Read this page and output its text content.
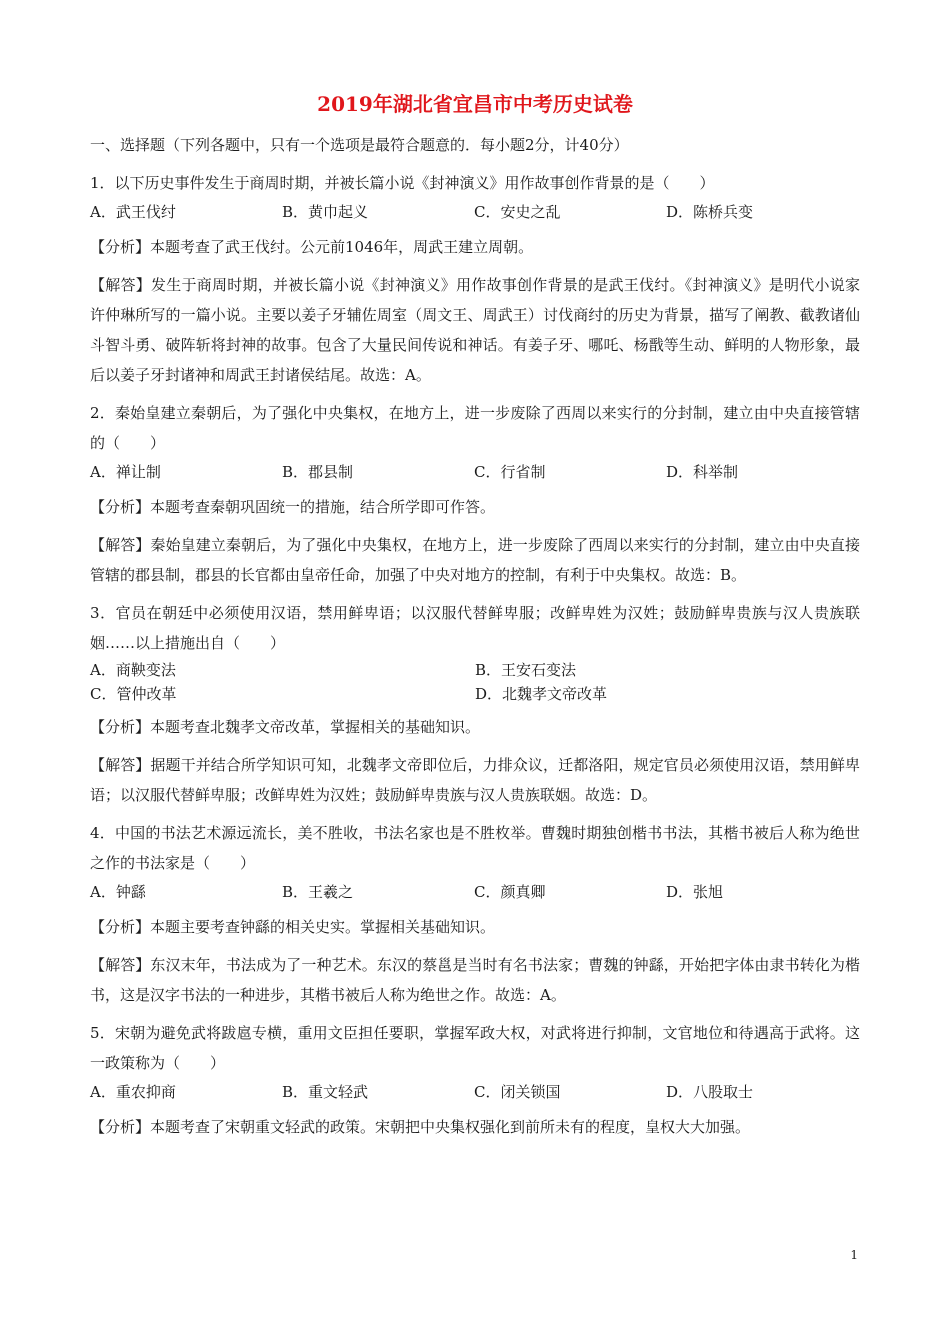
2019年湖北省宜昌市中考历史试卷
一、选择题（下列各题中，只有一个选项是最符合题意的．每小题2分，计40分）

1．以下历史事件发生于商周时期，并被长篇小说《封神演义》用作故事创作背景的是（　　）

A．武王伐纣	B．黄巾起义	C．安史之乱	D．陈桥兵变

【分析】本题考查了武王伐纣。公元前1046年，周武王建立周朝。

【解答】发生于商周时期，并被长篇小说《封神演义》用作故事创作背景的是武王伐纣。《封神演义》是明代小说家许仲琳所写的一篇小说。主要以姜子牙辅佐周室（周文王、周武王）讨伐商纣的历史为背景，描写了阐教、截教诸仙斗智斗勇、破阵斩将封神的故事。包含了大量民间传说和神话。有姜子牙、哪吒、杨戬等生动、鲜明的人物形象，最后以姜子牙封诸神和周武王封诸侯结尾。故选：A。

2．秦始皇建立秦朝后，为了强化中央集权，在地方上，进一步废除了西周以来实行的分封制，建立由中央直接管辖的（　　）

A．禅让制	B．郡县制	C．行省制	D．科举制

【分析】本题考查秦朝巩固统一的措施，结合所学即可作答。

【解答】秦始皇建立秦朝后，为了强化中央集权，在地方上，进一步废除了西周以来实行的分封制，建立由中央直接管辖的郡县制，郡县的长官都由皇帝任命，加强了中央对地方的控制，有利于中央集权。故选：B。

3．官员在朝廷中必须使用汉语，禁用鲜卑语；以汉服代替鲜卑服；改鲜卑姓为汉姓；鼓励鲜卑贵族与汉人贵族联姻……以上措施出自（　　）

A．商鞅变法	B．王安石变法
C．管仲改革	D．北魏孝文帝改革

【分析】本题考查北魏孝文帝改革，掌握相关的基础知识。

【解答】据题干并结合所学知识可知，北魏孝文帝即位后，力排众议，迁都洛阳，规定官员必须使用汉语，禁用鲜卑语；以汉服代替鲜卑服；改鲜卑姓为汉姓；鼓励鲜卑贵族与汉人贵族联姻。故选：D。

4．中国的书法艺术源远流长，美不胜收，书法名家也是不胜枚举。曹魏时期独创楷书书法，其楷书被后人称为绝世之作的书法家是（　　）

A．钟繇	B．王羲之	C．颜真卿	D．张旭

【分析】本题主要考查钟繇的相关史实。掌握相关基础知识。

【解答】东汉末年，书法成为了一种艺术。东汉的蔡邕是当时有名书法家；曹魏的钟繇，开始把字体由隶书转化为楷书，这是汉字书法的一种进步，其楷书被后人称为绝世之作。故选：A。

5．宋朝为避免武将跋扈专横，重用文臣担任要职，掌握军政大权，对武将进行抑制，文官地位和待遇高于武将。这一政策称为（　　）

A．重农抑商	B．重文轻武	C．闭关锁国	D．八股取士

【分析】本题考查了宋朝重文轻武的政策。宋朝把中央集权强化到前所未有的程度，皇权大大加强。

1
